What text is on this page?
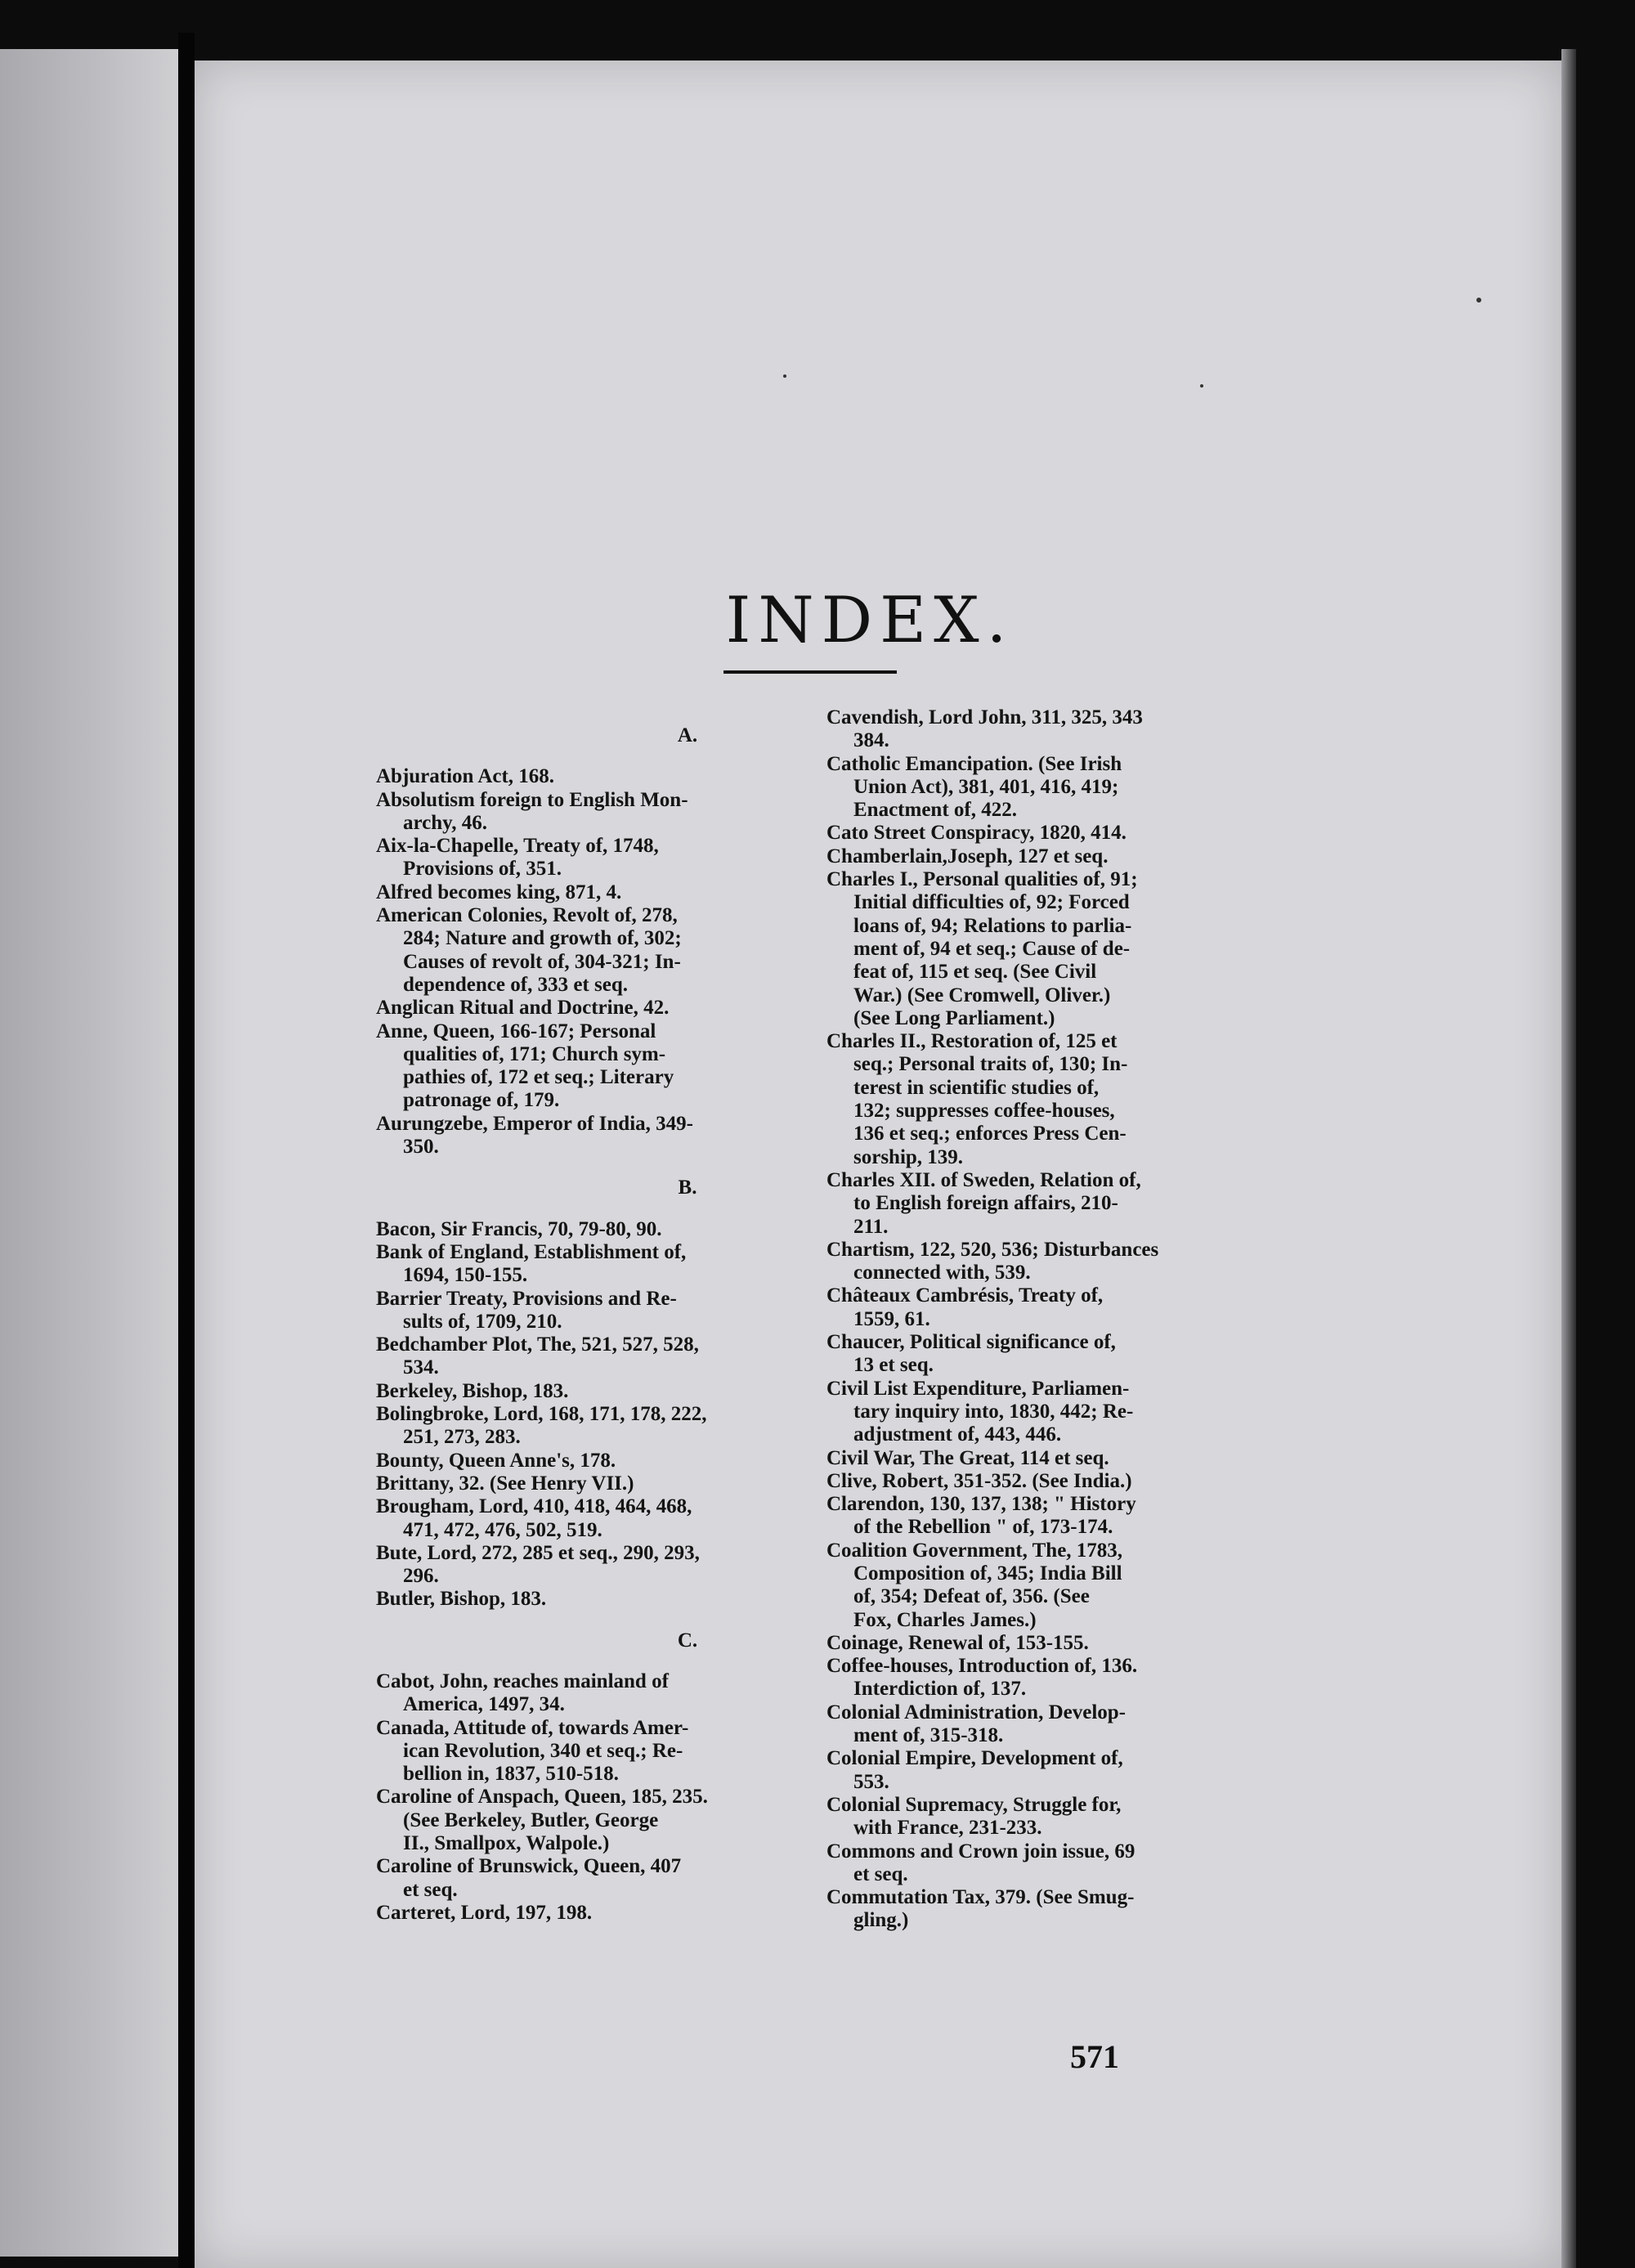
INDEX.
A.
Abjuration Act, 168.
Absolutism foreign to English Mon-
archy, 46.
Aix-la-Chapelle, Treaty of, 1748,
Provisions of, 351.
Alfred becomes king, 871, 4.
American Colonies, Revolt of, 278,
284; Nature and growth of, 302;
Causes of revolt of, 304-321; In-
dependence of, 333 et seq.
Anglican Ritual and Doctrine, 42.
Anne, Queen, 166-167; Personal
qualities of, 171; Church sym-
pathies of, 172 et seq.; Literary
patronage of, 179.
Aurungzebe, Emperor of India, 349-
350.
B.
Bacon, Sir Francis, 70, 79-80, 90.
Bank of England, Establishment of,
1694, 150-155.
Barrier Treaty, Provisions and Re-
sults of, 1709, 210.
Bedchamber Plot, The, 521, 527, 528,
534.
Berkeley, Bishop, 183.
Bolingbroke, Lord, 168, 171, 178, 222,
251, 273, 283.
Bounty, Queen Anne's, 178.
Brittany, 32. (See Henry VII.)
Brougham, Lord, 410, 418, 464, 468,
471, 472, 476, 502, 519.
Bute, Lord, 272, 285 et seq., 290, 293,
296.
Butler, Bishop, 183.
C.
Cabot, John, reaches mainland of
America, 1497, 34.
Canada, Attitude of, towards Amer-
ican Revolution, 340 et seq.; Re-
bellion in, 1837, 510-518.
Caroline of Anspach, Queen, 185, 235.
(See Berkeley, Butler, George
II., Smallpox, Walpole.)
Caroline of Brunswick, Queen, 407
et seq.
Carteret, Lord, 197, 198.
Cavendish, Lord John, 311, 325, 343
384.
Catholic Emancipation. (See Irish
Union Act), 381, 401, 416, 419;
Enactment of, 422.
Cato Street Conspiracy, 1820, 414.
Chamberlain,Joseph, 127 et seq.
Charles I., Personal qualities of, 91;
Initial difficulties of, 92; Forced
loans of, 94; Relations to parlia-
ment of, 94 et seq.; Cause of de-
feat of, 115 et seq. (See Civil
War.) (See Cromwell, Oliver.)
(See Long Parliament.)
Charles II., Restoration of, 125 et
seq.; Personal traits of, 130; In-
terest in scientific studies of,
132; suppresses coffee-houses,
136 et seq.; enforces Press Cen-
sorship, 139.
Charles XII. of Sweden, Relation of,
to English foreign affairs, 210-
211.
Chartism, 122, 520, 536; Disturbances
connected with, 539.
Châteaux Cambrésis, Treaty of,
1559, 61.
Chaucer, Political significance of,
13 et seq.
Civil List Expenditure, Parliamen-
tary inquiry into, 1830, 442; Re-
adjustment of, 443, 446.
Civil War, The Great, 114 et seq.
Clive, Robert, 351-352. (See India.)
Clarendon, 130, 137, 138; " History
of the Rebellion " of, 173-174.
Coalition Government, The, 1783,
Composition of, 345; India Bill
of, 354; Defeat of, 356. (See
Fox, Charles James.)
Coinage, Renewal of, 153-155.
Coffee-houses, Introduction of, 136.
Interdiction of, 137.
Colonial Administration, Develop-
ment of, 315-318.
Colonial Empire, Development of,
553.
Colonial Supremacy, Struggle for,
with France, 231-233.
Commons and Crown join issue, 69
et seq.
Commutation Tax, 379. (See Smug-
gling.)

571
